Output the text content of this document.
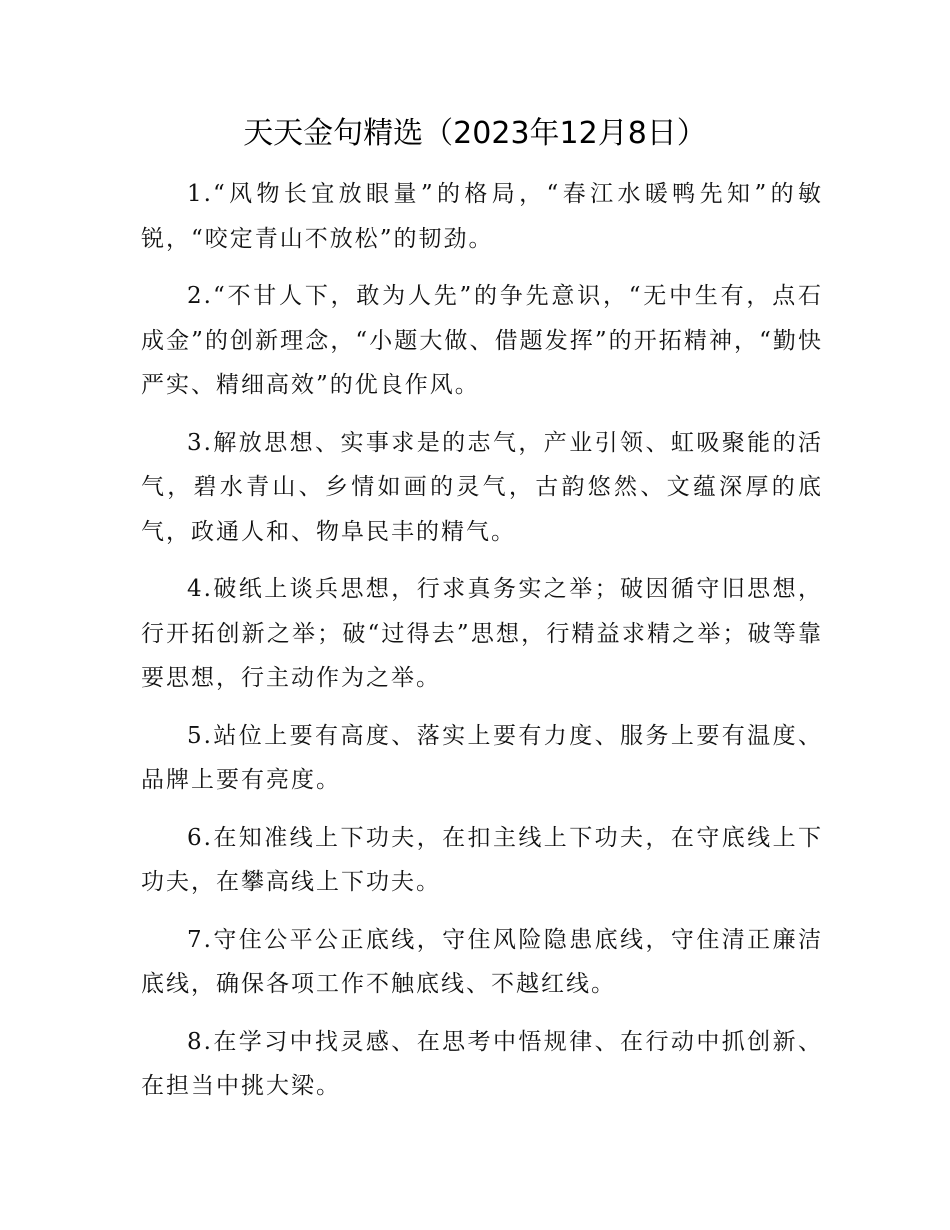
天天金句精选（2023年12月8日）

1.“风物长宜放眼量”的格局，“春江水暖鸭先知”的敏锐，“咬定青山不放松”的韧劲。

2.“不甘人下，敢为人先”的争先意识，“无中生有，点石成金”的创新理念，“小题大做、借题发挥”的开拓精神，“勤快严实、精细高效”的优良作风。

3.解放思想、实事求是的志气，产业引领、虹吸聚能的活气，碧水青山、乡情如画的灵气，古韵悠然、文蕴深厚的底气，政通人和、物阜民丰的精气。

4.破纸上谈兵思想，行求真务实之举；破因循守旧思想，行开拓创新之举；破“过得去”思想，行精益求精之举；破等靠要思想，行主动作为之举。

5.站位上要有高度、落实上要有力度、服务上要有温度、品牌上要有亮度。

6.在知准线上下功夫，在扣主线上下功夫，在守底线上下功夫，在攀高线上下功夫。

7.守住公平公正底线，守住风险隐患底线，守住清正廉洁底线，确保各项工作不触底线、不越红线。

8.在学习中找灵感、在思考中悟规律、在行动中抓创新、在担当中挑大梁。
